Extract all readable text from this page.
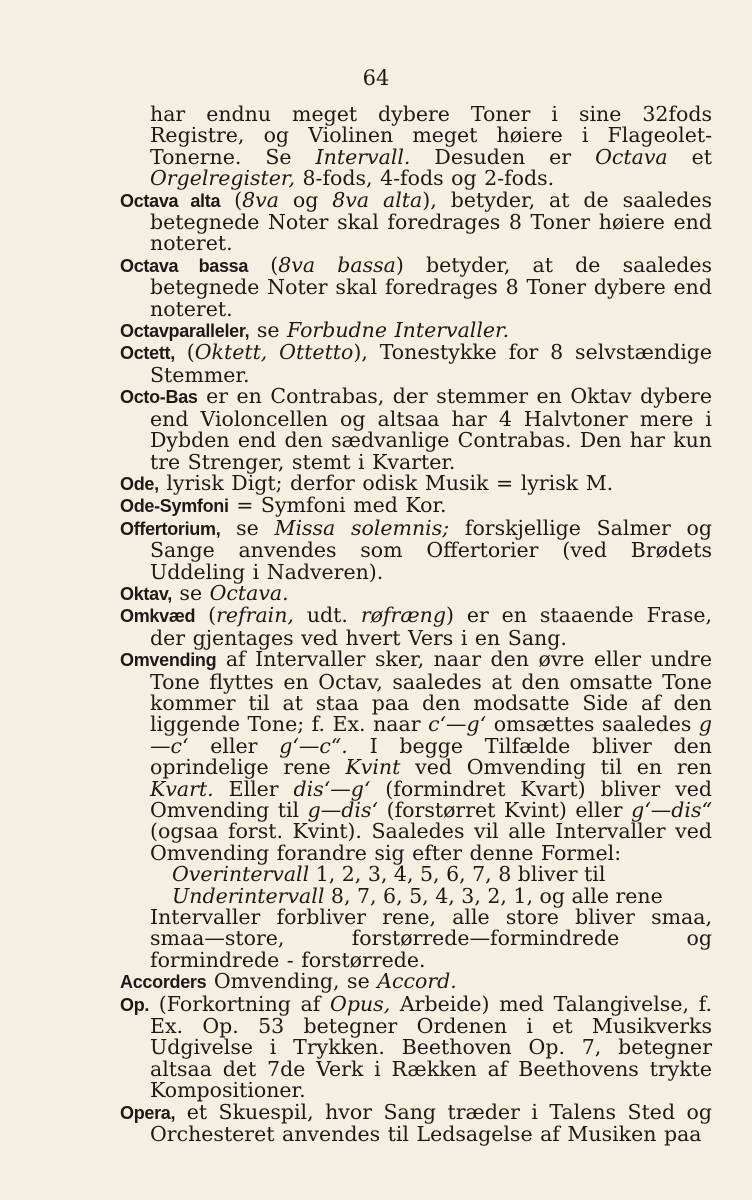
64
har endnu meget dybere Toner i sine 32fods Registre, og Violinen meget høiere i Flageolet-Tonerne. Se Intervall. Desuden er Octava et Orgelregister, 8-fods, 4-fods og 2-fods.
Octava alta (8va og 8va alta), betyder, at de saaledes betegnede Noter skal foredrages 8 Toner høiere end noteret.
Octava bassa (8va bassa) betyder, at de saaledes betegnede Noter skal foredrages 8 Toner dybere end noteret.
Octavparalleler, se Forbudne Intervaller.
Octett, (Oktett, Ottetto), Tonestykke for 8 selvstændige Stemmer.
Octo-Bas er en Contrabas, der stemmer en Oktav dybere end Violoncellen og altsaa har 4 Halvtoner mere i Dybden end den sædvanlige Contrabas. Den har kun tre Strenger, stemt i Kvarter.
Ode, lyrisk Digt; derfor odisk Musik = lyrisk M.
Ode-Symfoni = Symfoni med Kor.
Offertorium, se Missa solemnis; forskjellige Salmer og Sange anvendes som Offertorier (ved Brødets Uddeling i Nadveren).
Oktav, se Octava.
Omkvæd (refrain, udt. røfræng) er en staaende Frase, der gjentages ved hvert Vers i en Sang.
Omvending af Intervaller sker, naar den øvre eller undre Tone flyttes en Octav, saaledes at den omsatte Tone kommer til at staa paa den modsatte Side af den liggende Tone; f. Ex. naar c‘—g‘ omsættes saaledes g—c‘ eller g‘—c“. I begge Tilfælde bliver den oprindelige rene Kvint ved Omvending til en ren Kvart. Eller dis‘—g‘ (formindret Kvart) bliver ved Omvending til g—dis‘ (forstørret Kvint) eller g‘—dis“ (ogsaa forst. Kvint). Saaledes vil alle Intervaller ved Omvending forandre sig efter denne Formel:
Overintervall 1, 2, 3, 4, 5, 6, 7, 8 bliver til
Underintervall 8, 7, 6, 5, 4, 3, 2, 1, og alle rene
Intervaller forbliver rene, alle store bliver smaa, smaa—store, forstørrede—formindrede og formindrede - forstørrede.
Accorders Omvending, se Accord.
Op. (Forkortning af Opus, Arbeide) med Talangivelse, f. Ex. Op. 53 betegner Ordenen i et Musikverks Udgivelse i Trykken. Beethoven Op. 7, betegner altsaa det 7de Verk i Rækken af Beethovens trykte Kompositioner.
Opera, et Skuespil, hvor Sang træder i Talens Sted og Orchesteret anvendes til Ledsagelse af Musiken paa
